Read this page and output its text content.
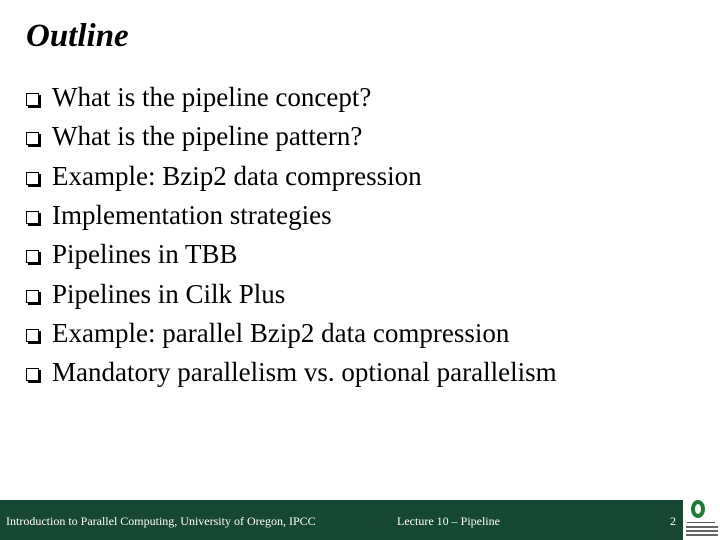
Outline
What is the pipeline concept?
What is the pipeline pattern?
Example: Bzip2 data compression
Implementation strategies
Pipelines in TBB
Pipelines in Cilk Plus
Example: parallel Bzip2 data compression
Mandatory parallelism vs. optional parallelism
Introduction to Parallel Computing, University of Oregon, IPCC	Lecture 10 – Pipeline	2
